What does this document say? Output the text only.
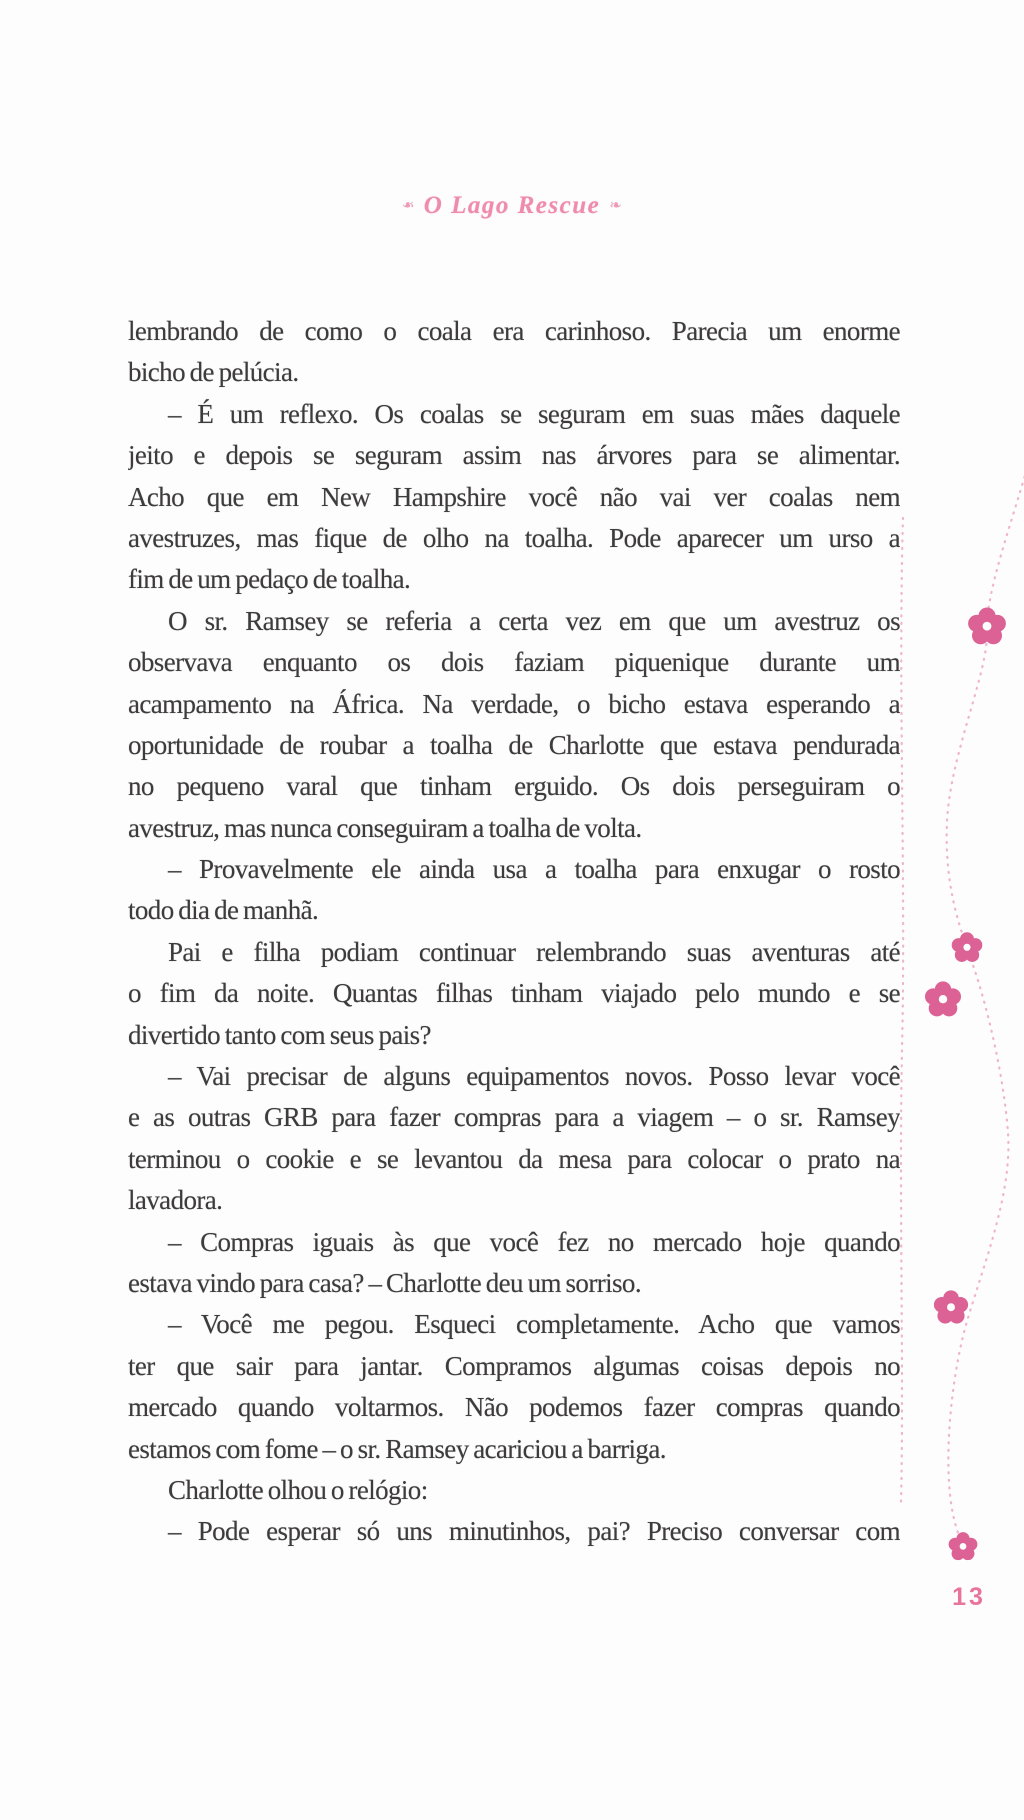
❧ O Lago Rescue ❧
lembrando de como o coala era carinhoso. Parecia um enorme
bicho de pelúcia.
– É um reflexo. Os coalas se seguram em suas mães daquele
jeito e depois se seguram assim nas árvores para se alimentar.
Acho que em New Hampshire você não vai ver coalas nem
avestruzes, mas fique de olho na toalha. Pode aparecer um urso a
fim de um pedaço de toalha.
O sr. Ramsey se referia a certa vez em que um avestruz os
observava enquanto os dois faziam piquenique durante um
acampamento na África. Na verdade, o bicho estava esperando a
oportunidade de roubar a toalha de Charlotte que estava pendurada
no pequeno varal que tinham erguido. Os dois perseguiram o
avestruz, mas nunca conseguiram a toalha de volta.
– Provavelmente ele ainda usa a toalha para enxugar o rosto
todo dia de manhã.
Pai e filha podiam continuar relembrando suas aventuras até
o fim da noite. Quantas filhas tinham viajado pelo mundo e se
divertido tanto com seus pais?
– Vai precisar de alguns equipamentos novos. Posso levar você
e as outras GRB para fazer compras para a viagem – o sr. Ramsey
terminou o cookie e se levantou da mesa para colocar o prato na
lavadora.
– Compras iguais às que você fez no mercado hoje quando
estava vindo para casa? – Charlotte deu um sorriso.
– Você me pegou. Esqueci completamente. Acho que vamos
ter que sair para jantar. Compramos algumas coisas depois no
mercado quando voltarmos. Não podemos fazer compras quando
estamos com fome – o sr. Ramsey acariciou a barriga.
Charlotte olhou o relógio:
– Pode esperar só uns minutinhos, pai? Preciso conversar com
13
